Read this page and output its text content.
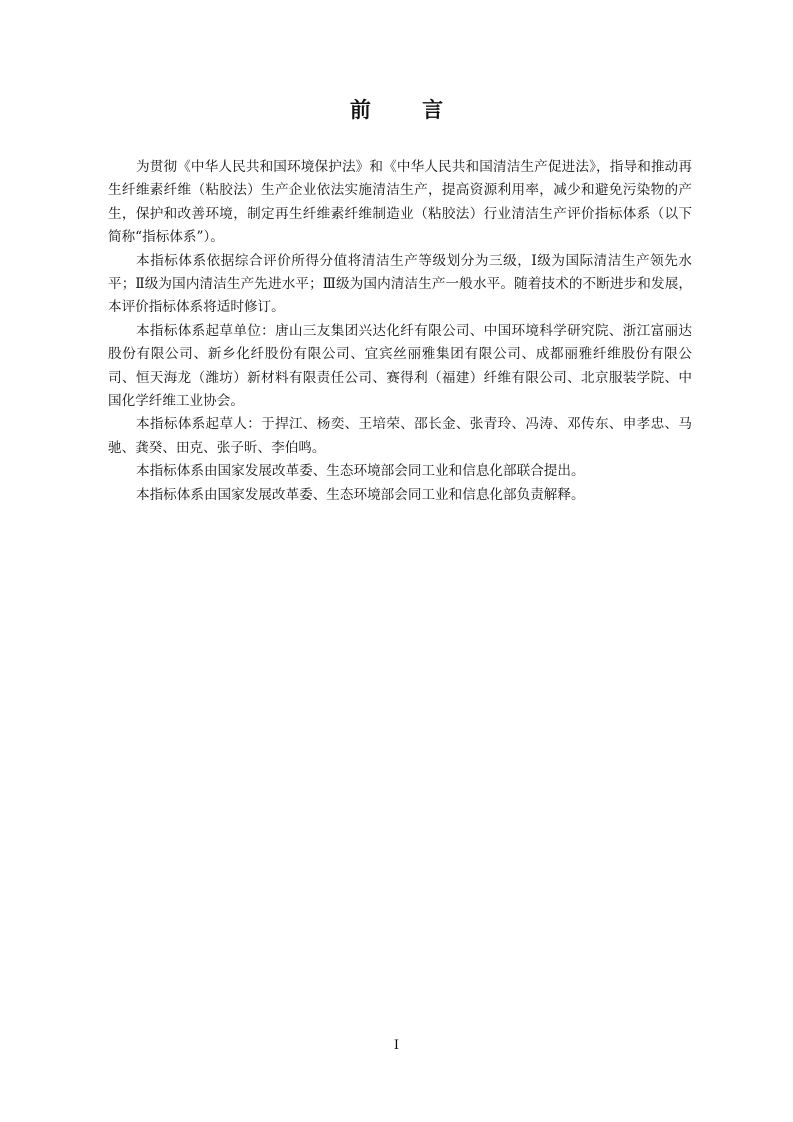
前 言

为贯彻《中华人民共和国环境保护法》和《中华人民共和国清洁生产促进法》，指导和推动再生纤维素纤维（粘胶法）生产企业依法实施清洁生产，提高资源利用率，减少和避免污染物的产生，保护和改善环境，制定再生纤维素纤维制造业（粘胶法）行业清洁生产评价指标体系（以下简称“指标体系”）。

本指标体系依据综合评价所得分值将清洁生产等级划分为三级，Ⅰ级为国际清洁生产领先水平；Ⅱ级为国内清洁生产先进水平；Ⅲ级为国内清洁生产一般水平。随着技术的不断进步和发展，本评价指标体系将适时修订。

本指标体系起草单位：唐山三友集团兴达化纤有限公司、中国环境科学研究院、浙江富丽达股份有限公司、新乡化纤股份有限公司、宜宾丝丽雅集团有限公司、成都丽雅纤维股份有限公司、恒天海龙（潍坊）新材料有限责任公司、赛得利（福建）纤维有限公司、北京服装学院、中国化学纤维工业协会。

本指标体系起草人：于捍江、杨奕、王培荣、邵长金、张青玲、冯涛、邓传东、申孝忠、马驰、龚癸、田克、张子昕、李伯鸣。

本指标体系由国家发展改革委、生态环境部会同工业和信息化部联合提出。

本指标体系由国家发展改革委、生态环境部会同工业和信息化部负责解释。

I
